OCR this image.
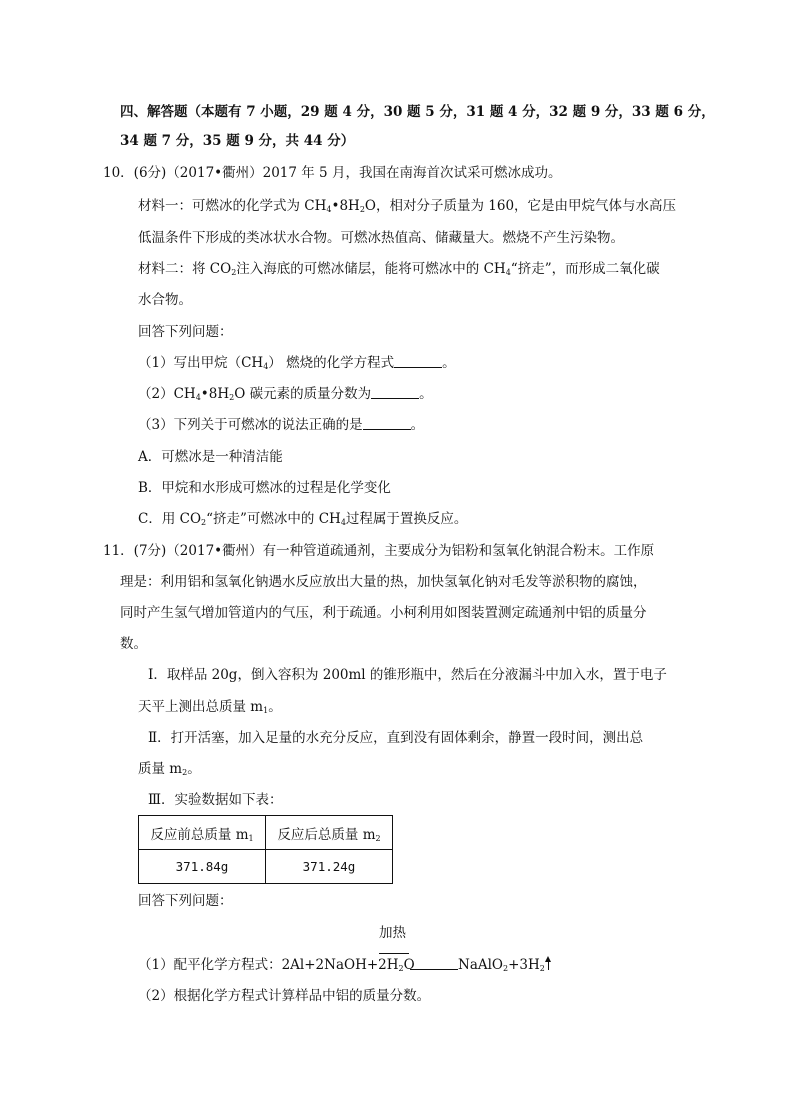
四、解答题（本题有 7 小题，29 题 4 分，30 题 5 分，31 题 4 分，32 题 9 分，33 题 6 分，
34 题 7 分，35 题 9 分，共 44 分）
10．(6分)（2017•衢州）2017 年 5 月，我国在南海首次试采可燃冰成功。
材料一：可燃冰的化学式为 $CH_4•8H_2O$，相对分子质量为 160，它是由甲烷气体与水高压
低温条件下形成的类冰状水合物。可燃冰热值高、储藏量大。燃烧不产生污染物。
材料二：将 $CO_2$注入海底的可燃冰储层，能将可燃冰中的 $CH_4“$挤走”，而形成二氧化碳
水合物。
回答下列问题：
（1）写出甲烷$(CH_4)$ 燃烧的化学方程式	。
$(2)CH_4•8H_2O$ 碳元素的质量分数为	。
（3）下列关于可燃冰的说法正确的是	。
A．可燃冰是一种清洁能
B．甲烷和水形成可燃冰的过程是化学变化
C．用 $CO_2“$挤走”可燃冰中的 $CH_4$过程属于置换反应。
11．(7分)（2017•衢州）有一种管道疏通剂，主要成分为铝粉和氢氧化钠混合粉末。工作原
理是：利用铝和氢氧化钠遇水反应放出大量的热，加快氢氧化钠对毛发等淤积物的腐蚀，
同时产生氢气增加管道内的气压，利于疏通。小柯利用如图装置测定疏通剂中铝的质量分
数。
Ⅰ．取样品 20g，倒入容积为 200ml 的锥形瓶中，然后在分液漏斗中加入水，置于电子
天平上测出总质量 $m_1$。
Ⅱ．打开活塞，加入足量的水充分反应，直到没有固体剩余，静置一段时间，测出总
质量 $m_2$。
Ⅲ．实验数据如下表：
反应前总质量 $m_1$	反应后总质量 $m_2$
371.84g	371.24g
回答下列问题：
加热
（1）配平化学方程式：$2Al+2NaOH+2H_2O$	$NaAlO_2+3H_2$
（2）根据化学方程式计算样品中铝的质量分数。
